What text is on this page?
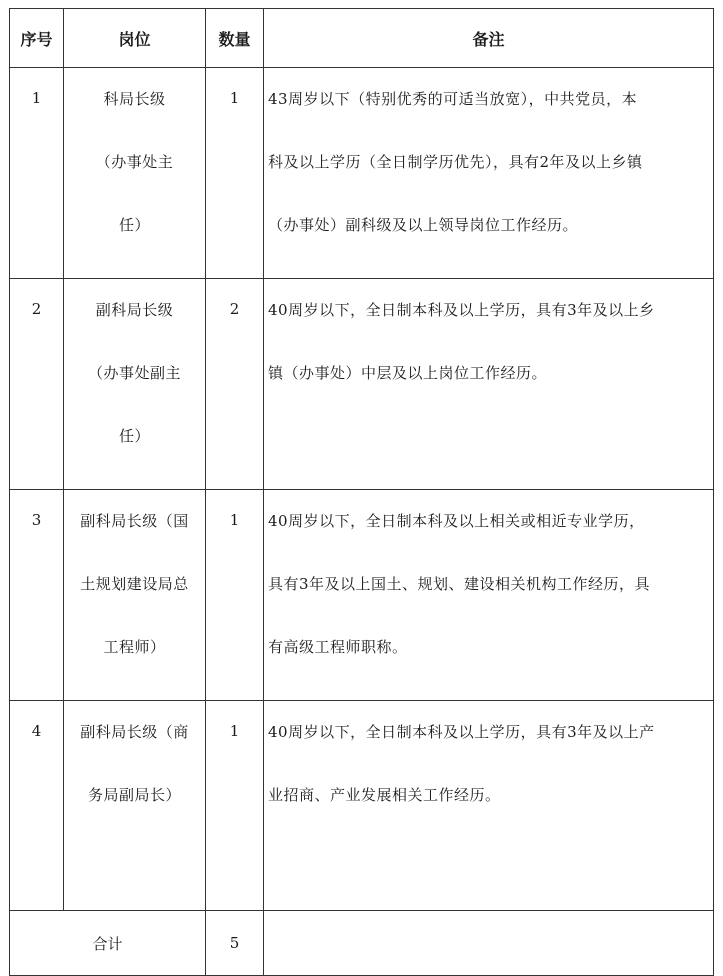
序号	岗位	数量	备注
1	科局长级
（办事处主
任）	1	43周岁以下（特别优秀的可适当放宽），中共党员，本
科及以上学历（全日制学历优先），具有2年及以上乡镇
（办事处）副科级及以上领导岗位工作经历。

2	副科局长级
（办事处副主
任）	2	40周岁以下，全日制本科及以上学历，具有3年及以上乡
镇（办事处）中层及以上岗位工作经历。

3	副科局长级（国
土规划建设局总
工程师）	1	40周岁以下，全日制本科及以上相关或相近专业学历，
具有3年及以上国土、规划、建设相关机构工作经历，具
有高级工程师职称。

4	副科局长级（商
务局副局长）	1	40周岁以下，全日制本科及以上学历，具有3年及以上产
业招商、产业发展相关工作经历。

合计		5	
